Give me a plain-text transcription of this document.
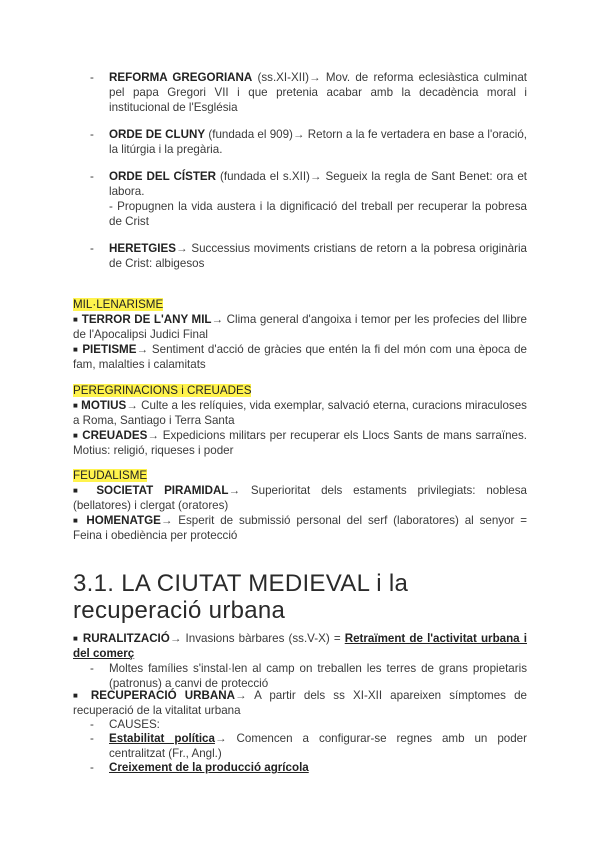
- REFORMA GREGORIANA (ss.XI-XII)→ Mov. de reforma eclesiàstica culminat pel papa Gregori VII i que pretenia acabar amb la decadència moral i institucional de l'Església
- ORDE DE CLUNY (fundada el 909)→ Retorn a la fe vertadera en base a l'oració, la litúrgia i la pregària.
- ORDE DEL CÍSTER (fundada el s.XII)→ Segueix la regla de Sant Benet: ora et labora.
- Propugnen la vida austera i la dignificació del treball per recuperar la pobresa de Crist
- HERETGIES→ Successius moviments cristians de retorn a la pobresa originària de Crist: albigesos
MIL·LENARISME
■ TERROR DE L'ANY MIL→ Clima general d'angoixa i temor per les profecies del llibre de l'Apocalipsi Judici Final
■ PIETISME→ Sentiment d'acció de gràcies que entén la fi del món com una època de fam, malalties i calamitats
PEREGRINACIONS i CREUADES
■ MOTIUS→ Culte a les relíquies, vida exemplar, salvació eterna, curacions miraculoses a Roma, Santiago i Terra Santa
■ CREUADES→ Expedicions militars per recuperar els Llocs Sants de mans sarraïnes. Motius: religió, riqueses i poder
FEUDALISME
■ SOCIETAT PIRAMIDAL→ Superioritat dels estaments privilegiats: noblesa (bellatores) i clergat (oratores)
■ HOMENATGE→ Esperit de submissió personal del serf (laboratores) al senyor = Feina i obediència per protecció
3.1. LA CIUTAT MEDIEVAL i la recuperació urbana
■ RURALITZACIÓ→ Invasions bàrbares (ss.V-X) = Retraïment de l'activitat urbana i del comerç
- Moltes famílies s'instal·len al camp on treballen les terres de grans propietaris (patronus) a canvi de protecció
■ RECUPERACIÓ URBANA→ A partir dels ss XI-XII apareixen símptomes de recuperació de la vitalitat urbana
- CAUSES:
- Estabilitat política→ Comencen a configurar-se regnes amb un poder centralitzat (Fr., Angl.)
- Creixement de la producció agrícola
